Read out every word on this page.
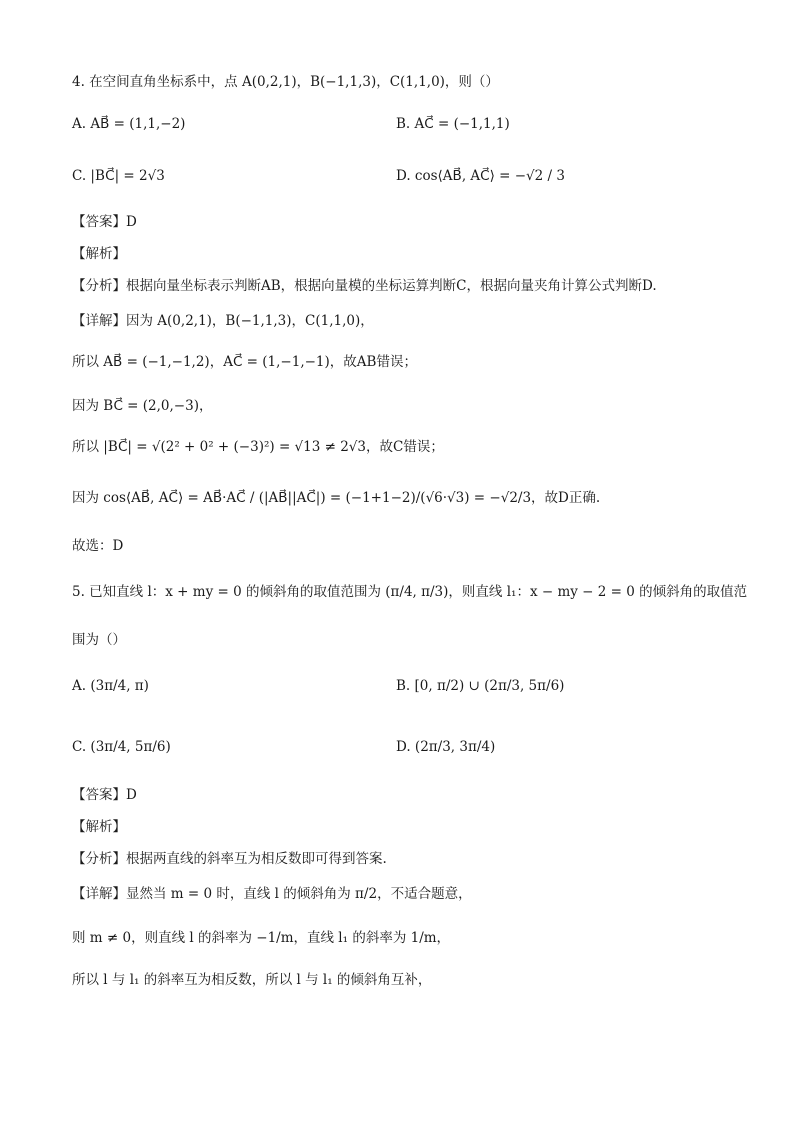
4. 在空间直角坐标系中，点 A(0,2,1)，B(−1,1,3)，C(1,1,0)，则（）
A. AB⃗ = (1,1,−2)	B. AC⃗ = (−1,1,1)
C. |BC⃗| = 2√3	D. cos⟨AB⃗, AC⃗⟩ = −√2 / 3
【答案】D
【解析】
【分析】根据向量坐标表示判断AB，根据向量模的坐标运算判断C，根据向量夹角计算公式判断D.
【详解】因为 A(0,2,1)，B(−1,1,3)，C(1,1,0)，
所以 AB⃗ = (−1,−1,2)，AC⃗ = (1,−1,−1)，故AB错误；
因为 BC⃗ = (2,0,−3)，
所以 |BC⃗| = √(2² + 0² + (−3)²) = √13 ≠ 2√3，故C错误；
因为 cos⟨AB⃗, AC⃗⟩ = AB⃗·AC⃗ / (|AB⃗||AC⃗|) = (−1+1−2)/(√6·√3) = −√2/3，故D正确.
故选：D
5. 已知直线 l：x + my = 0 的倾斜角的取值范围为 (π/4, π/3)，则直线 l₁：x − my − 2 = 0 的倾斜角的取值范
围为（）
A. (3π/4, π)	B. [0, π/2) ∪ (2π/3, 5π/6)
C. (3π/4, 5π/6)	D. (2π/3, 3π/4)
【答案】D
【解析】
【分析】根据两直线的斜率互为相反数即可得到答案.
【详解】显然当 m = 0 时，直线 l 的倾斜角为 π/2，不适合题意，
则 m ≠ 0，则直线 l 的斜率为 −1/m，直线 l₁ 的斜率为 1/m，
所以 l 与 l₁ 的斜率互为相反数，所以 l 与 l₁ 的倾斜角互补，
